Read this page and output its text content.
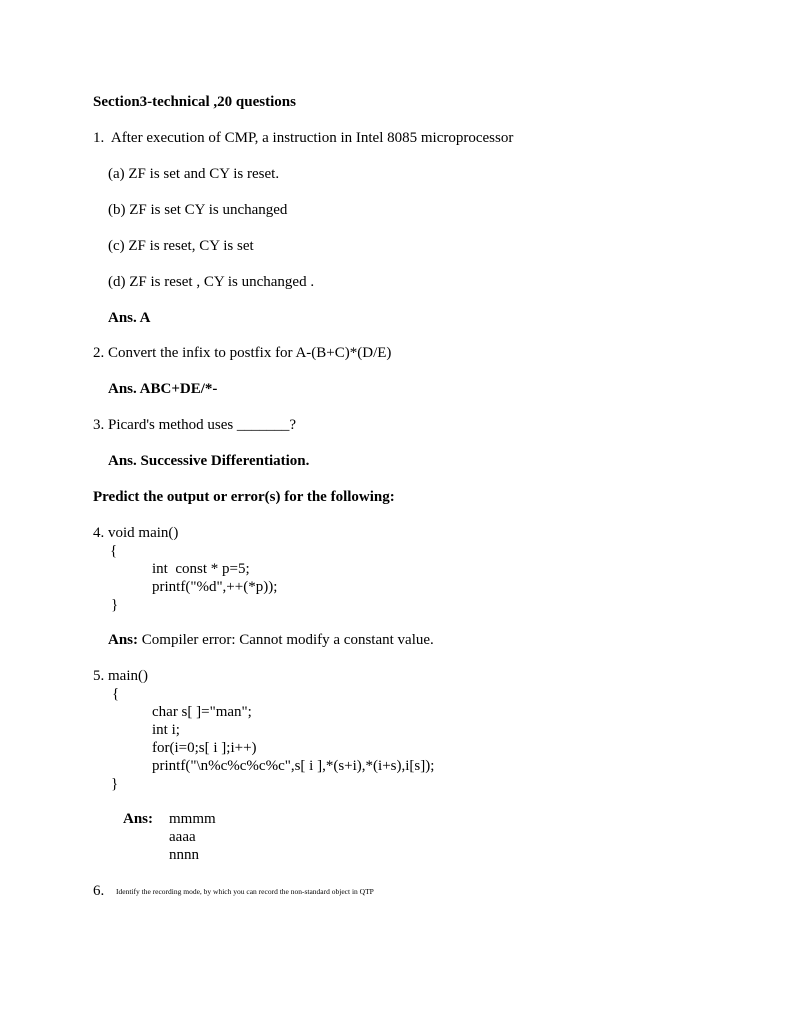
Section3-technical ,20 questions
1.  After execution of CMP, a instruction in Intel 8085 microprocessor
(a) ZF is set and CY is reset.
(b) ZF is set CY is unchanged
(c) ZF is reset, CY is set
(d) ZF is reset , CY is unchanged .
Ans. A
2. Convert the infix to postfix for A-(B+C)*(D/E)
Ans. ABC+DE/*-
3. Picard's method uses _______?
Ans. Successive Differentiation.
Predict the output or error(s) for the following:
4. void main()
{
int  const * p=5;
printf("%d",++(*p));
}
Ans: Compiler error: Cannot modify a constant value.
5. main()
{
char s[ ]="man";
int i;
for(i=0;s[ i ];i++)
printf("\n%c%c%c%c",s[ i ],*(s+i),*(i+s),i[s]);
}
Ans: mmmm
aaaa
nnnn
6. Identify the recording mode, by which you can record the non-standard object in QTP
